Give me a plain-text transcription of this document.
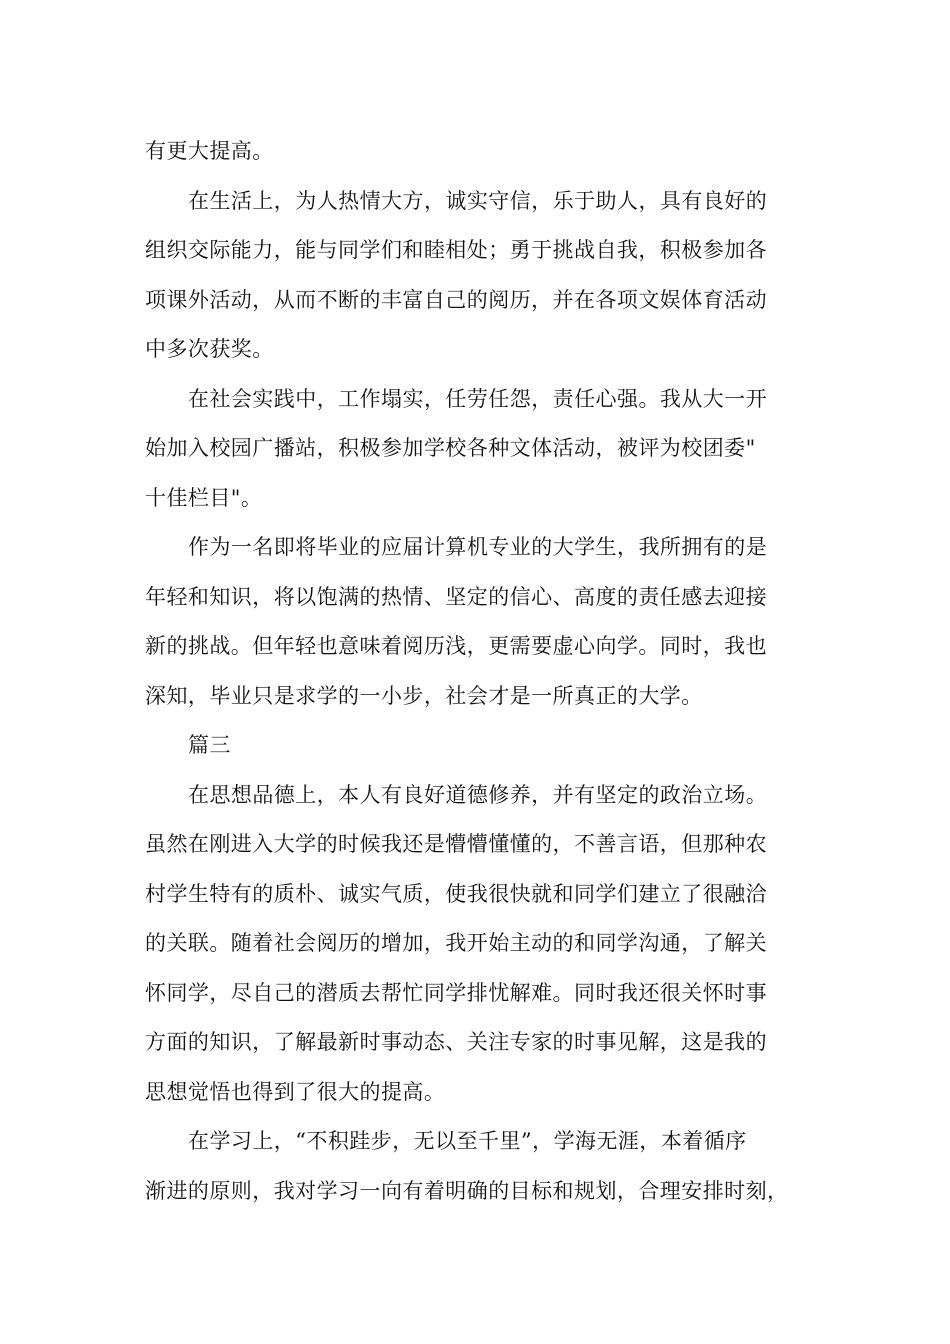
有更大提高。
在生活上，为人热情大方，诚实守信，乐于助人，具有良好的
组织交际能力，能与同学们和睦相处；勇于挑战自我，积极参加各
项课外活动，从而不断的丰富自己的阅历，并在各项文娱体育活动
中多次获奖。
在社会实践中，工作塌实，任劳任怨，责任心强。我从大一开
始加入校园广播站，积极参加学校各种文体活动，被评为校团委"
十佳栏目"。
作为一名即将毕业的应届计算机专业的大学生，我所拥有的是
年轻和知识，将以饱满的热情、坚定的信心、高度的责任感去迎接
新的挑战。但年轻也意味着阅历浅，更需要虚心向学。同时，我也
深知，毕业只是求学的一小步，社会才是一所真正的大学。
篇三
在思想品德上，本人有良好道德修养，并有坚定的政治立场。
虽然在刚进入大学的时候我还是懵懵懂懂的，不善言语，但那种农
村学生特有的质朴、诚实气质，使我很快就和同学们建立了很融洽
的关联。随着社会阅历的增加，我开始主动的和同学沟通，了解关
怀同学，尽自己的潜质去帮忙同学排忧解难。同时我还很关怀时事
方面的知识，了解最新时事动态、关注专家的时事见解，这是我的
思想觉悟也得到了很大的提高。
在学习上，“不积跬步，无以至千里”，学海无涯，本着循序
渐进的原则，我对学习一向有着明确的目标和规划，合理安排时刻，
